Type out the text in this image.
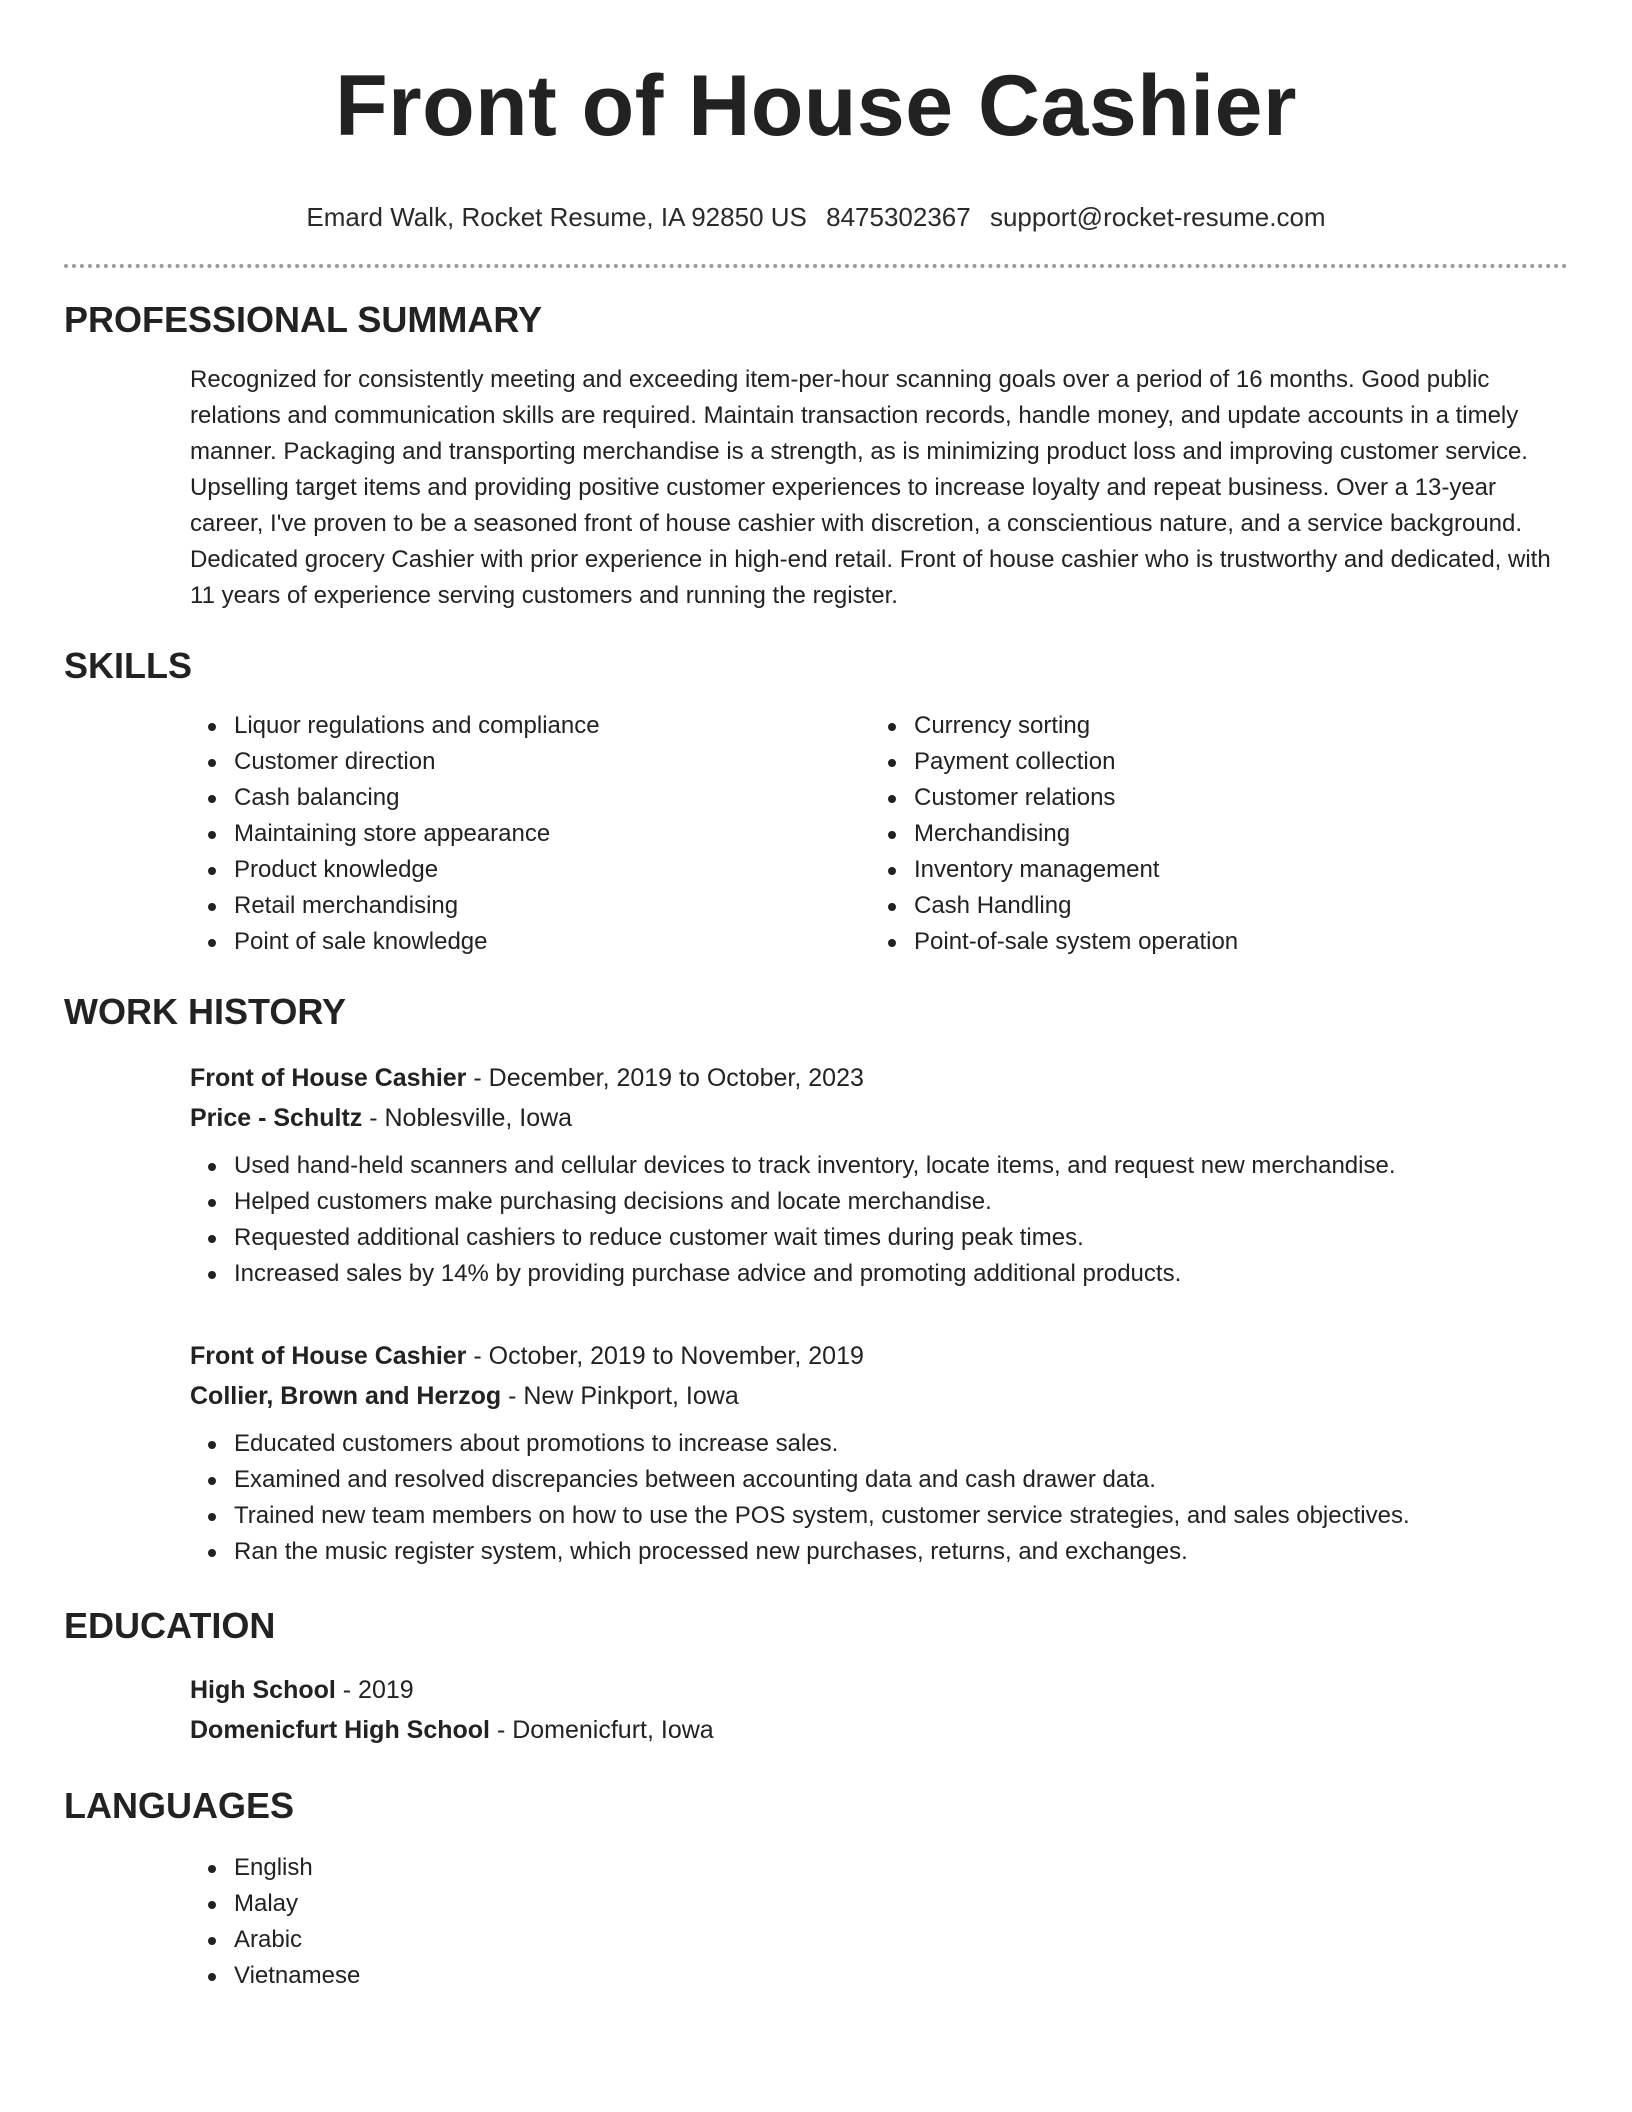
Front of House Cashier
Emard Walk, Rocket Resume, IA 92850 US 8475302367 support@rocket-resume.com
PROFESSIONAL SUMMARY
Recognized for consistently meeting and exceeding item-per-hour scanning goals over a period of 16 months. Good public relations and communication skills are required. Maintain transaction records, handle money, and update accounts in a timely manner. Packaging and transporting merchandise is a strength, as is minimizing product loss and improving customer service. Upselling target items and providing positive customer experiences to increase loyalty and repeat business. Over a 13-year career, I've proven to be a seasoned front of house cashier with discretion, a conscientious nature, and a service background. Dedicated grocery Cashier with prior experience in high-end retail. Front of house cashier who is trustworthy and dedicated, with 11 years of experience serving customers and running the register.
SKILLS
Liquor regulations and compliance
Customer direction
Cash balancing
Maintaining store appearance
Product knowledge
Retail merchandising
Point of sale knowledge
Currency sorting
Payment collection
Customer relations
Merchandising
Inventory management
Cash Handling
Point-of-sale system operation
WORK HISTORY
Front of House Cashier - December, 2019 to October, 2023
Price - Schultz - Noblesville, Iowa
Used hand-held scanners and cellular devices to track inventory, locate items, and request new merchandise.
Helped customers make purchasing decisions and locate merchandise.
Requested additional cashiers to reduce customer wait times during peak times.
Increased sales by 14% by providing purchase advice and promoting additional products.
Front of House Cashier - October, 2019 to November, 2019
Collier, Brown and Herzog - New Pinkport, Iowa
Educated customers about promotions to increase sales.
Examined and resolved discrepancies between accounting data and cash drawer data.
Trained new team members on how to use the POS system, customer service strategies, and sales objectives.
Ran the music register system, which processed new purchases, returns, and exchanges.
EDUCATION
High School - 2019
Domenicfurt High School - Domenicfurt, Iowa
LANGUAGES
English
Malay
Arabic
Vietnamese
